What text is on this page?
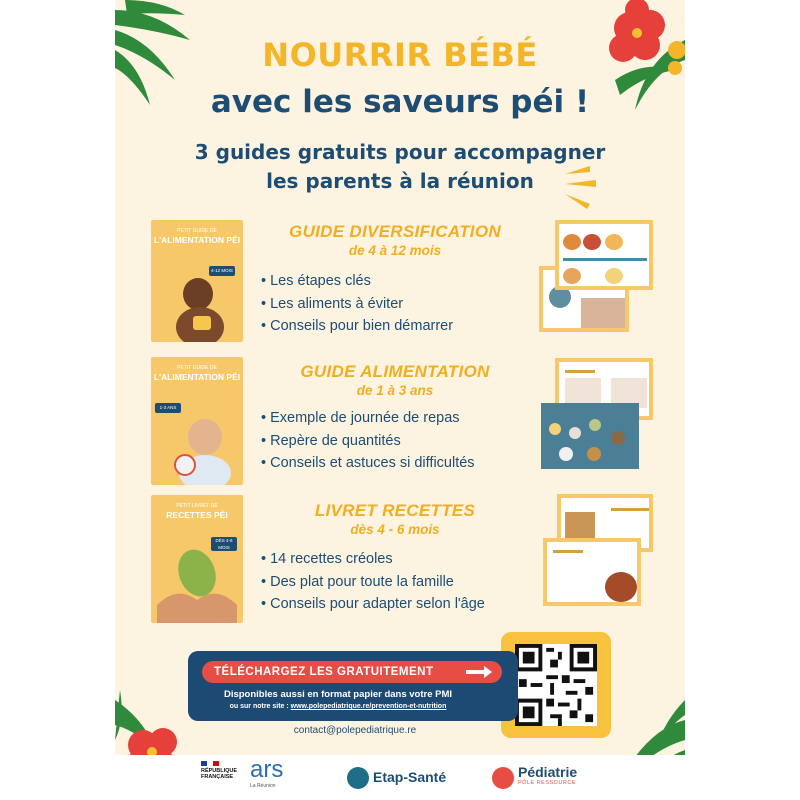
NOURRIR BÉBÉ
avec les saveurs péi !
3 guides gratuits pour accompagner
les parents à la réunion
PETIT GUIDE DE
L'ALIMENTATION PÉI
4-12 MOIS
GUIDE DIVERSIFICATION
de 4 à 12 mois
• Les étapes clés
• Les aliments à éviter
• Conseils pour bien démarrer
PETIT GUIDE DE
L'ALIMENTATION PÉI
1-3 ANS
GUIDE ALIMENTATION
de 1 à 3 ans
• Exemple de journée de repas
• Repère de quantités
• Conseils et astuces si difficultés
PETIT LIVRET DE
RECETTES PÉI
DÈS 4-6 MOIS
LIVRET RECETTES
dès 4 - 6 mois
• 14 recettes créoles
• Des plat pour toute la famille
• Conseils pour adapter selon l'âge
TÉLÉCHARGEZ LES GRATUITEMENT
Disponibles aussi en format papier dans votre PMI
ou sur notre site : www.polepediatrique.re/prevention-et-nutrition
contact@polepediatrique.re
RÉPUBLIQUE FRANÇAISE ars
La Réunion
Etap-Santé	Pédiatrie
PÔLE RESSOURCE
